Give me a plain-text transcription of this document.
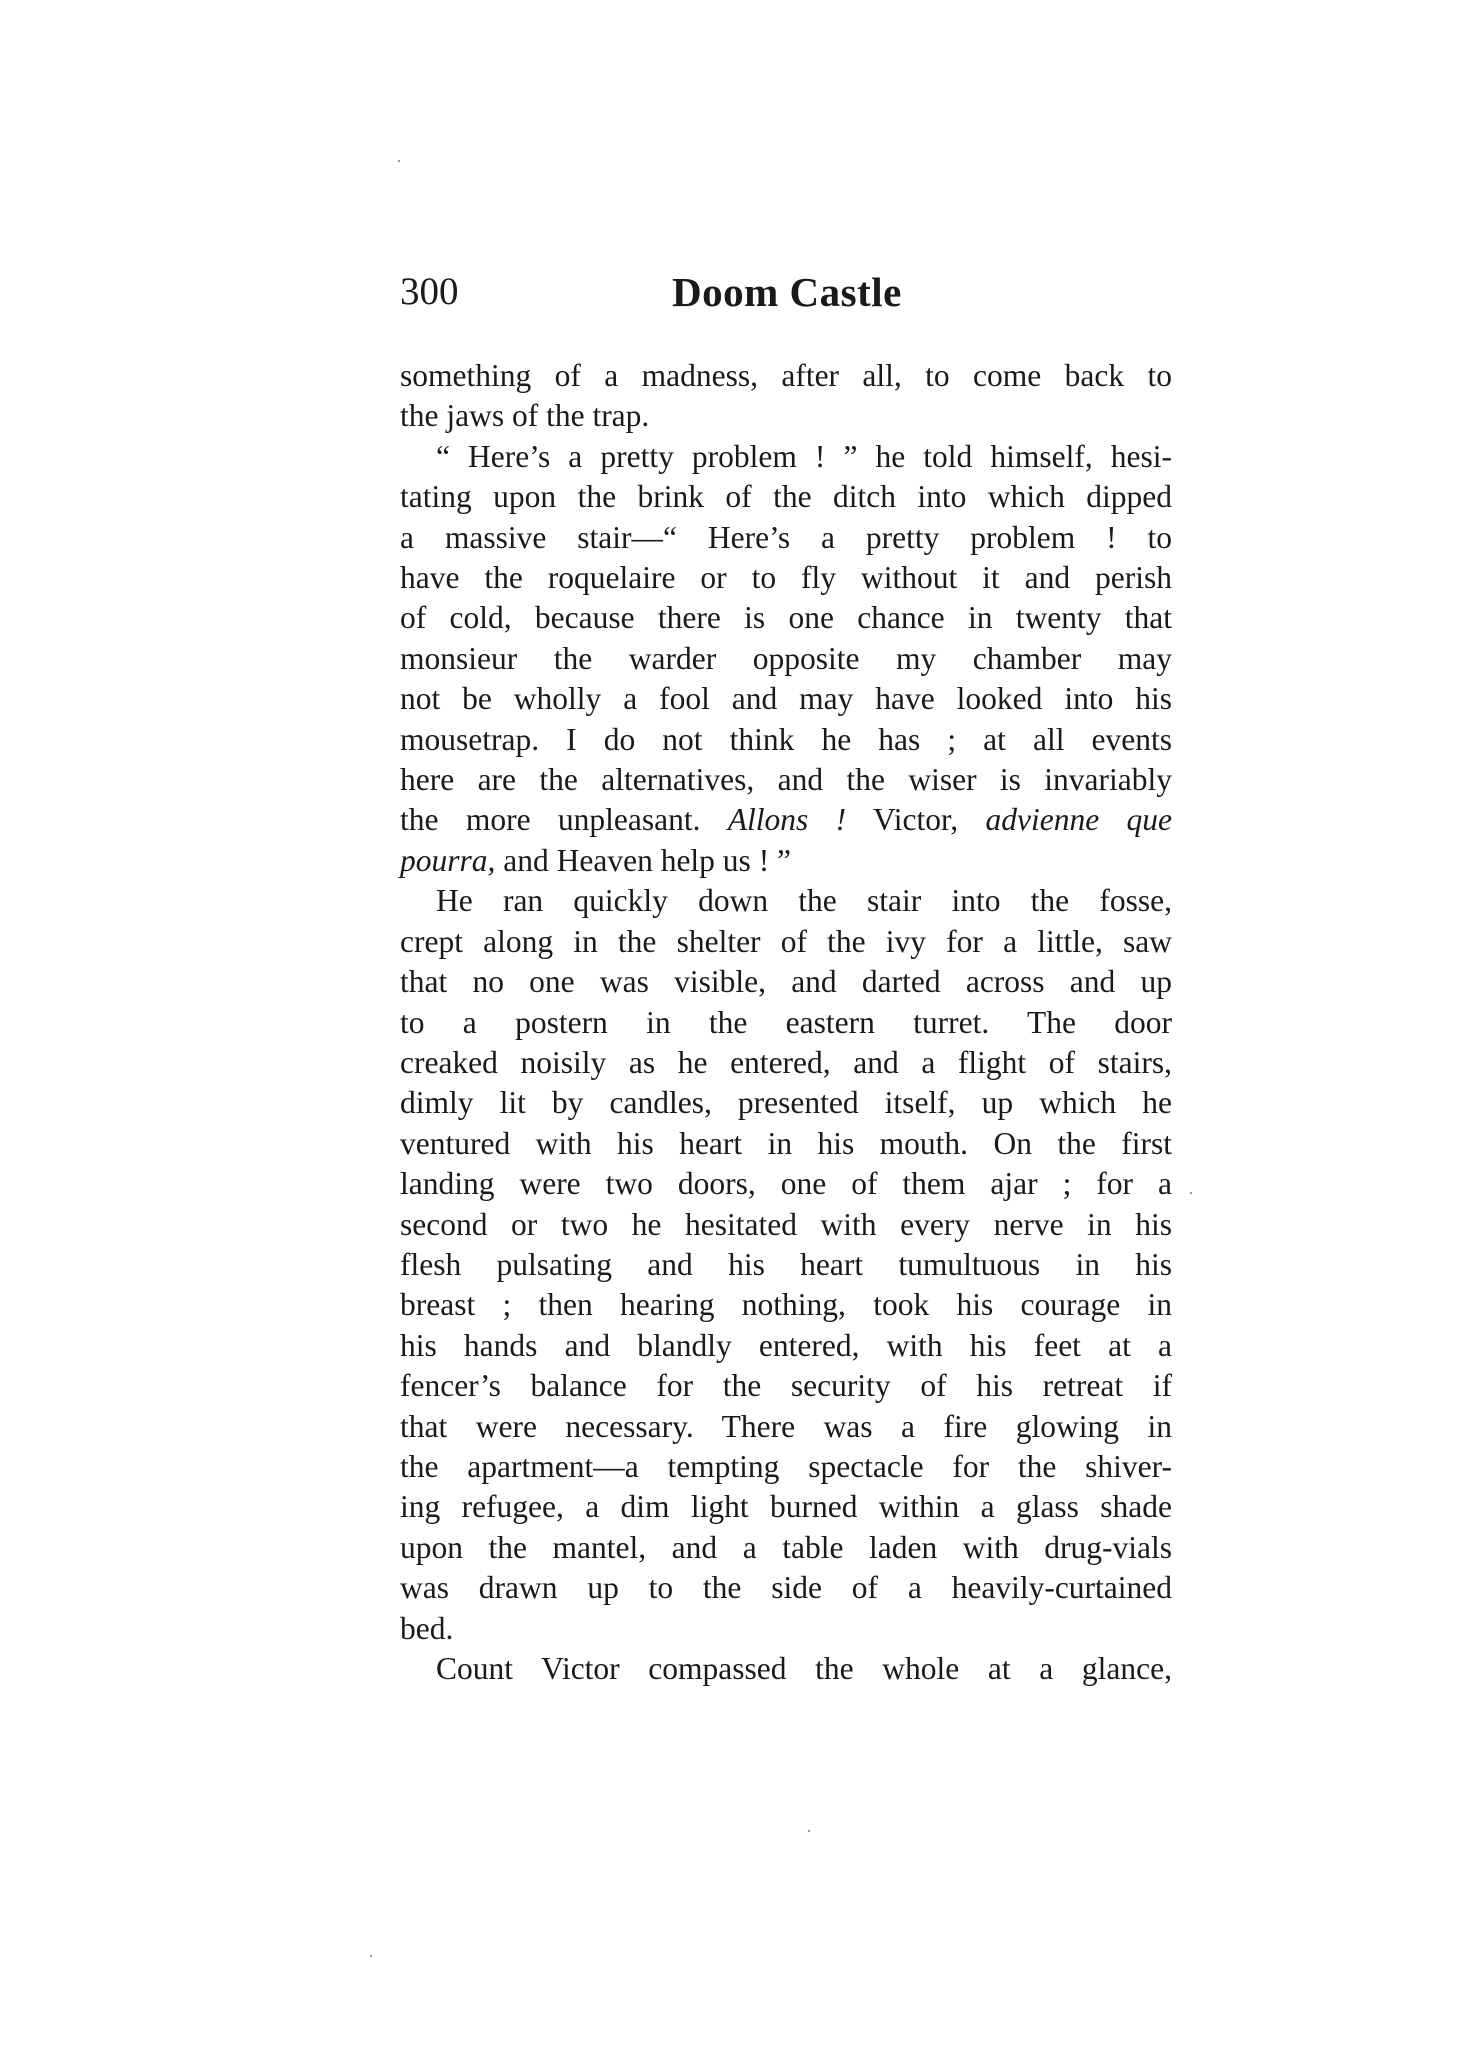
300	Doom Castle
something of a madness, after all, to come back to
the jaws of the trap.
“ Here’s a pretty problem ! ” he told himself, hesi-
tating upon the brink of the ditch into which dipped
a massive stair—“ Here’s a pretty problem ! to
have the roquelaire or to fly without it and perish
of cold, because there is one chance in twenty that
monsieur the warder opposite my chamber may
not be wholly a fool and may have looked into his
mousetrap. I do not think he has ; at all events
here are the alternatives, and the wiser is invariably
the more unpleasant. Allons ! Victor, advienne que
pourra, and Heaven help us ! ”
He ran quickly down the stair into the fosse,
crept along in the shelter of the ivy for a little, saw
that no one was visible, and darted across and up
to a postern in the eastern turret. The door
creaked noisily as he entered, and a flight of stairs,
dimly lit by candles, presented itself, up which he
ventured with his heart in his mouth. On the first
landing were two doors, one of them ajar ; for a
second or two he hesitated with every nerve in his
flesh pulsating and his heart tumultuous in his
breast ; then hearing nothing, took his courage in
his hands and blandly entered, with his feet at a
fencer’s balance for the security of his retreat if
that were necessary. There was a fire glowing in
the apartment—a tempting spectacle for the shiver-
ing refugee, a dim light burned within a glass shade
upon the mantel, and a table laden with drug-vials
was drawn up to the side of a heavily-curtained
bed.
Count Victor compassed the whole at a glance,
